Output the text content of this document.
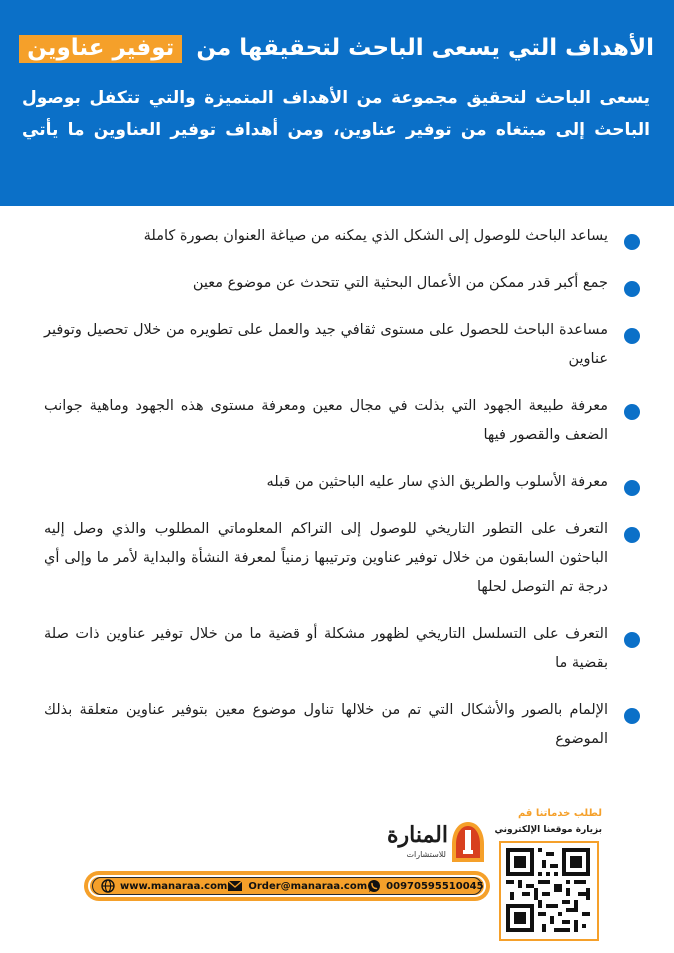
الأهداف التي يسعى الباحث لتحقيقها من توفير عناوين
يسعى الباحث لتحقيق مجموعة من الأهداف المتميزة والتي تتكفل بوصول
الباحث إلى مبتغاه من توفير عناوين، ومن أهداف توفير العناوين ما يأتي
يساعد الباحث للوصول إلى الشكل الذي يمكنه من صياغة العنوان بصورة كاملة
جمع أكبر قدر ممكن من الأعمال البحثية التي تتحدث عن موضوع معين
مساعدة الباحث للحصول على مستوى ثقافي جيد والعمل على تطويره من خلال تحصيل وتوفير عناوين
معرفة طبيعة الجهود التي بذلت في مجال معين ومعرفة مستوى هذه الجهود وماهية جوانب الضعف والقصور فيها
معرفة الأسلوب والطريق الذي سار عليه الباحثين من قبله
التعرف على التطور التاريخي للوصول إلى التراكم المعلوماتي المطلوب والذي وصل إليه الباحثون السابقون من خلال توفير عناوين وترتيبها زمنياً لمعرفة النشأة والبداية لأمر ما وإلى أي درجة تم التوصل لحلها
التعرف على التسلسل التاريخي لظهور مشكلة أو قضية ما من خلال توفير عناوين ذات صلة بقضية ما
الإلمام بالصور والأشكال التي تم من خلالها تناول موضوع معين بتوفير عناوين متعلقة بذلك الموضوع
المنارة
للاستشارات
www.manaraa.com Order@manaraa.com 00970595510045
لطلب خدماتنا قم
بزيارة موقعنا الإلكتروني
